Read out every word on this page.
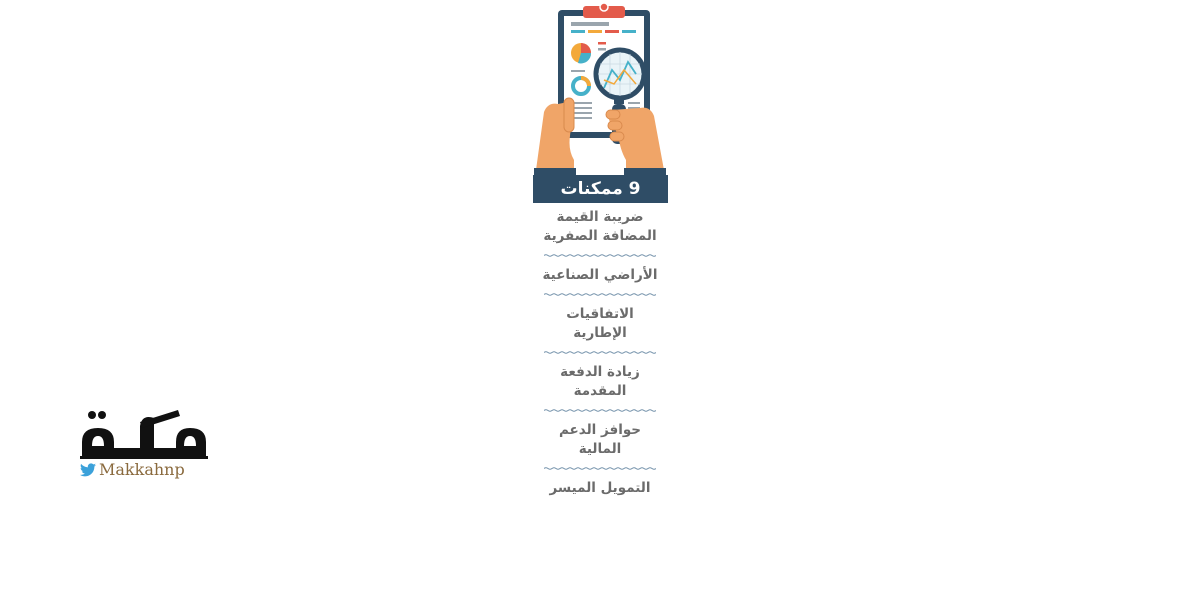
9 ممكنات
ضريبة القيمة
المضافة الصفرية
الأراضي الصناعية
الاتفاقيات الإطارية
زيادة الدفعة
المقدمة
حوافز الدعم
المالية
التمويل الميسر
Makkahnp
